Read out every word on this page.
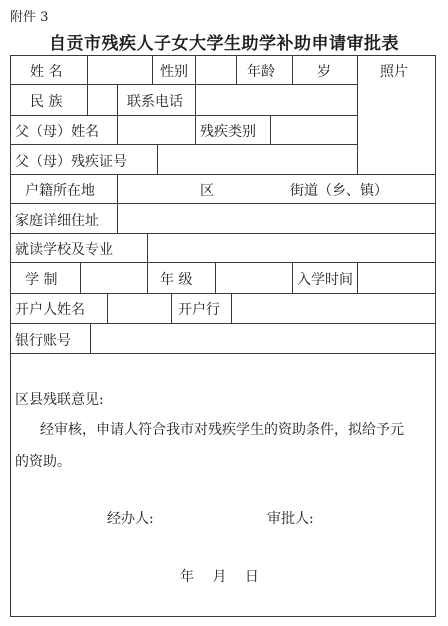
附件 3
自贡市残疾人子女大学生助学补助申请审批表
姓 名	性别	年龄	岁	照片
民 族	联系电话
父（母）姓名	残疾类别
父（母）残疾证号
户籍所在地	区	街道（乡、镇）
家庭详细住址
就读学校及专业
学 制	年 级	入学时间
开户人姓名	开户行
银行账号
区县残联意见:
经审核，申请人符合我市对残疾学生的资助条件，拟给予元
的资助。
经办人:	审批人:
年 月 日
